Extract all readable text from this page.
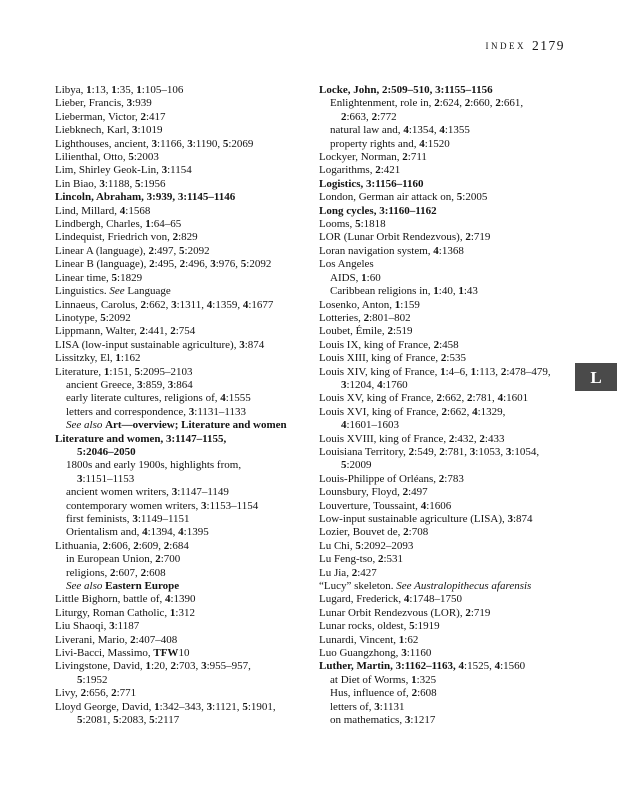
INDEX 2179
Libya, 1:13, 1:35, 1:105–106
Lieber, Francis, 3:939
Lieberman, Victor, 2:417
Liebknech, Karl, 3:1019
Lighthouses, ancient, 3:1166, 3:1190, 5:2069
Lilienthal, Otto, 5:2003
Lim, Shirley Geok-Lin, 3:1154
Lin Biao, 3:1188, 5:1956
Lincoln, Abraham, 3:939, 3:1145–1146
Lind, Millard, 4:1568
Lindbergh, Charles, 1:64–65
Lindequist, Friedrich von, 2:829
Linear A (language), 2:497, 5:2092
Linear B (language), 2:495, 2:496, 3:976, 5:2092
Linear time, 5:1829
Linguistics. See Language
Linnaeus, Carolus, 2:662, 3:1311, 4:1359, 4:1677
Linotype, 5:2092
Lippmann, Walter, 2:441, 2:754
LISA (low-input sustainable agriculture), 3:874
Lissitzky, El, 1:162
Literature, 1:151, 5:2095–2103
ancient Greece, 3:859, 3:864
early literate cultures, religions of, 4:1555
letters and correspondence, 3:1131–1133
See also Art—overview; Literature and women
Literature and women, 3:1147–1155,
5:2046–2050
1800s and early 1900s, highlights from,
3:1151–1153
ancient women writers, 3:1147–1149
contemporary women writers, 3:1153–1154
first feminists, 3:1149–1151
Orientalism and, 4:1394, 4:1395
Lithuania, 2:606, 2:609, 2:684
in European Union, 2:700
religions, 2:607, 2:608
See also Eastern Europe
Little Bighorn, battle of, 4:1390
Liturgy, Roman Catholic, 1:312
Liu Shaoqi, 3:1187
Liverani, Mario, 2:407–408
Livi-Bacci, Massimo, TFW10
Livingstone, David, 1:20, 2:703, 3:955–957,
5:1952
Livy, 2:656, 2:771
Lloyd George, David, 1:342–343, 3:1121, 5:1901,
5:2081, 5:2083, 5:2117
Locke, John, 2:509–510, 3:1155–1156
Enlightenment, role in, 2:624, 2:660, 2:661,
2:663, 2:772
natural law and, 4:1354, 4:1355
property rights and, 4:1520
Lockyer, Norman, 2:711
Logarithms, 2:421
Logistics, 3:1156–1160
London, German air attack on, 5:2005
Long cycles, 3:1160–1162
Looms, 5:1818
LOR (Lunar Orbit Rendezvous), 2:719
Loran navigation system, 4:1368
Los Angeles
AIDS, 1:60
Caribbean religions in, 1:40, 1:43
Losenko, Anton, 1:159
Lotteries, 2:801–802
Loubet, Émile, 2:519
Louis IX, king of France, 2:458
Louis XIII, king of France, 2:535
Louis XIV, king of France, 1:4–6, 1:113, 2:478–479,
3:1204, 4:1760
Louis XV, king of France, 2:662, 2:781, 4:1601
Louis XVI, king of France, 2:662, 4:1329,
4:1601–1603
Louis XVIII, king of France, 2:432, 2:433
Louisiana Territory, 2:549, 2:781, 3:1053, 3:1054,
5:2009
Louis-Philippe of Orléans, 2:783
Lounsbury, Floyd, 2:497
Louverture, Toussaint, 4:1606
Low-input sustainable agriculture (LISA), 3:874
Lozier, Bouvet de, 2:708
Lu Chi, 5:2092–2093
Lu Feng-tso, 2:531
Lu Jia, 2:427
“Lucy” skeleton. See Australopithecus afarensis
Lugard, Frederick, 4:1748–1750
Lunar Orbit Rendezvous (LOR), 2:719
Lunar rocks, oldest, 5:1919
Lunardi, Vincent, 1:62
Luo Guangzhong, 3:1160
Luther, Martin, 3:1162–1163, 4:1525, 4:1560
at Diet of Worms, 1:325
Hus, influence of, 2:608
letters of, 3:1131
on mathematics, 3:1217
L
